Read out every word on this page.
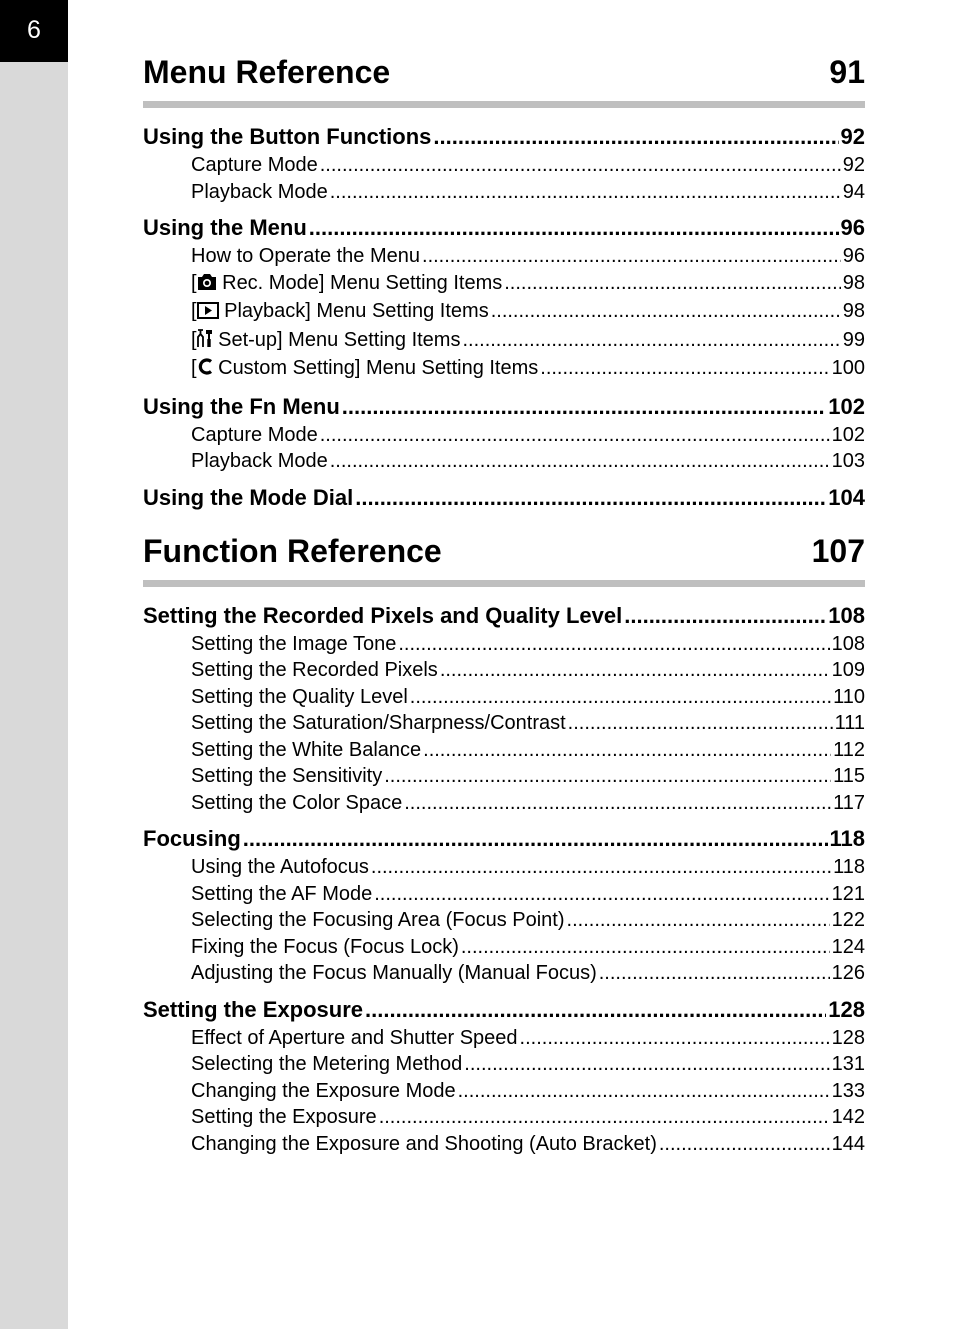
6
Menu Reference	91
Using the Button Functions .....	92
Capture Mode .....	92
Playback Mode .....	94
Using the Menu .....	96
How to Operate the Menu .....	96
[ Rec. Mode] Menu Setting Items .....	98
[ Playback] Menu Setting Items .....	98
[ Set-up] Menu Setting Items .....	99
[ Custom Setting] Menu Setting Items .....	100
Using the Fn Menu .....	102
Capture Mode .....	102
Playback Mode .....	103
Using the Mode Dial .....	104
Function Reference	107
Setting the Recorded Pixels and Quality Level .....	108
Setting the Image Tone .....	108
Setting the Recorded Pixels .....	109
Setting the Quality Level .....	110
Setting the Saturation/Sharpness/Contrast .....	111
Setting the White Balance .....	112
Setting the Sensitivity .....	115
Setting the Color Space .....	117
Focusing .....	118
Using the Autofocus .....	118
Setting the AF Mode .....	121
Selecting the Focusing Area (Focus Point) .....	122
Fixing the Focus (Focus Lock) .....	124
Adjusting the Focus Manually (Manual Focus) .....	126
Setting the Exposure .....	128
Effect of Aperture and Shutter Speed .....	128
Selecting the Metering Method .....	131
Changing the Exposure Mode .....	133
Setting the Exposure .....	142
Changing the Exposure and Shooting (Auto Bracket) .....	144
